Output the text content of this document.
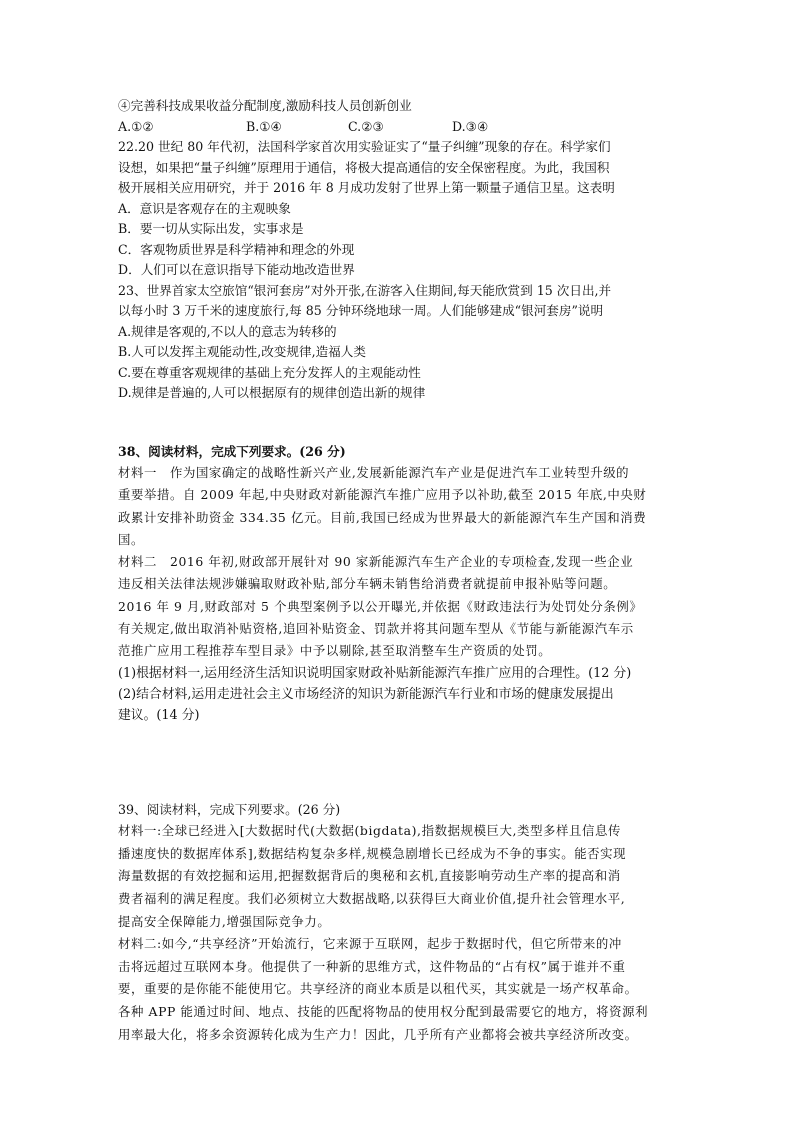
④完善科技成果收益分配制度,激励科技人员创新创业
A.①②	B.①④	C.②③	D.③④
22.20 世纪 80 年代初，法国科学家首次用实验证实了“量子纠缠”现象的存在。科学家们
设想，如果把“量子纠缠”原理用于通信，将极大提高通信的安全保密程度。为此，我国积
极开展相关应用研究，并于 2016 年 8 月成功发射了世界上第一颗量子通信卫星。这表明
A．意识是客观存在的主观映象
B．要一切从实际出发，实事求是
C．客观物质世界是科学精神和理念的外现
D．人们可以在意识指导下能动地改造世界
23、世界首家太空旅馆“银河套房”对外开张,在游客入住期间,每天能欣赏到 15 次日出,并
以每小时 3 万千米的速度旅行,每 85 分钟环绕地球一周。人们能够建成“银河套房”说明
A.规律是客观的,不以人的意志为转移的
B.人可以发挥主观能动性,改变规律,造福人类
C.要在尊重客观规律的基础上充分发挥人的主观能动性
D.规律是普遍的,人可以根据原有的规律创造出新的规律
38、阅读材料，完成下列要求。(26 分)
材料一　作为国家确定的战略性新兴产业,发展新能源汽车产业是促进汽车工业转型升级的
重要举措。自 2009 年起,中央财政对新能源汽车推广应用予以补助,截至 2015 年底,中央财
政累计安排补助资金 334.35 亿元。目前,我国已经成为世界最大的新能源汽车生产国和消费
国。
材料二　2016 年初,财政部开展针对 90 家新能源汽车生产企业的专项检查,发现一些企业
违反相关法律法规涉嫌骗取财政补贴,部分车辆未销售给消费者就提前申报补贴等问题。
2016 年 9 月,财政部对 5 个典型案例予以公开曝光,并依据《财政违法行为处罚处分条例》
有关规定,做出取消补贴资格,追回补贴资金、罚款并将其问题车型从《节能与新能源汽车示
范推广应用工程推荐车型目录》中予以剔除,甚至取消整车生产资质的处罚。
(1)根据材料一,运用经济生活知识说明国家财政补贴新能源汽车推广应用的合理性。(12 分)
(2)结合材料,运用走进社会主义市场经济的知识为新能源汽车行业和市场的健康发展提出
建议。(14 分)
39、阅读材料，完成下列要求。(26 分)
材料一:全球已经进入[大数据时代(大数据(bigdata),指数据规模巨大,类型多样且信息传
播速度快的数据库体系],数据结构复杂多样,规模急剧增长已经成为不争的事实。能否实现
海量数据的有效挖掘和运用,把握数据背后的奥秘和玄机,直接影响劳动生产率的提高和消
费者福利的满足程度。我们必须树立大数据战略,以获得巨大商业价值,提升社会管理水平,
提高安全保障能力,增强国际竞争力。
材料二:如今,“共享经济”开始流行，它来源于互联网，起步于数据时代，但它所带来的冲
击将远超过互联网本身。他提供了一种新的思维方式，这件物品的“占有权”属于谁并不重
要，重要的是你能不能使用它。共享经济的商业本质是以租代买，其实就是一场产权革命。
各种 APP 能通过时间、地点、技能的匹配将物品的使用权分配到最需要它的地方，将资源利
用率最大化，将多余资源转化成为生产力！因此，几乎所有产业都将会被共享经济所改变。
